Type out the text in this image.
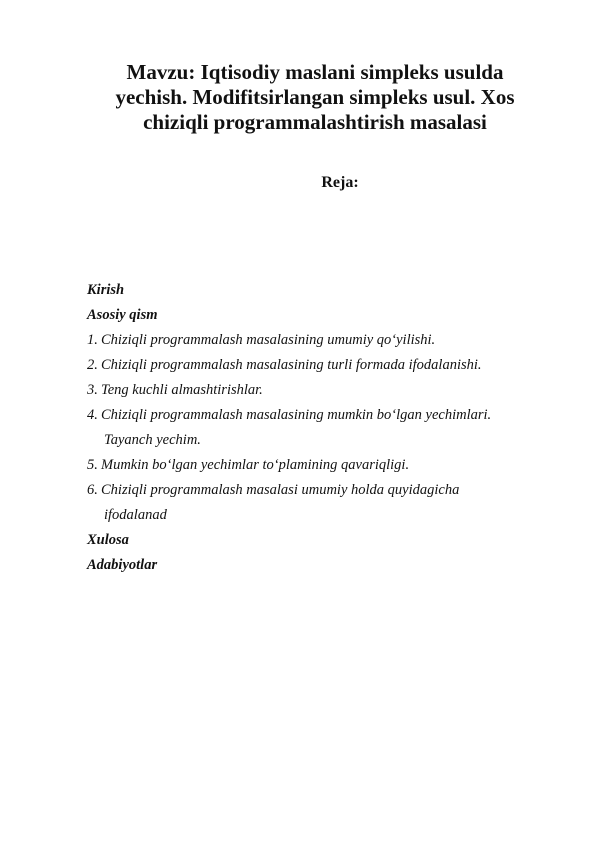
Mavzu: Iqtisodiy maslani simpleks usulda
yechish. Modifitsirlangan simpleks usul. Xos
chiziqli programmalashtirish masalasi
Reja:
Kirish
Asosiy qism
1. Chiziqli programmalash masalasining umumiy qo‘yilishi.
2. Chiziqli programmalash masalasining turli formada ifodalanishi.
3. Teng kuchli almashtirishlar.
4. Chiziqli programmalash masalasining mumkin bo‘lgan yechimlari.
Tayanch yechim.
5. Mumkin bo‘lgan yechimlar to‘plamining qavariqligi.
6. Chiziqli programmalash masalasi umumiy holda quyidagicha
ifodalanad
Xulosa
Adabiyotlar
